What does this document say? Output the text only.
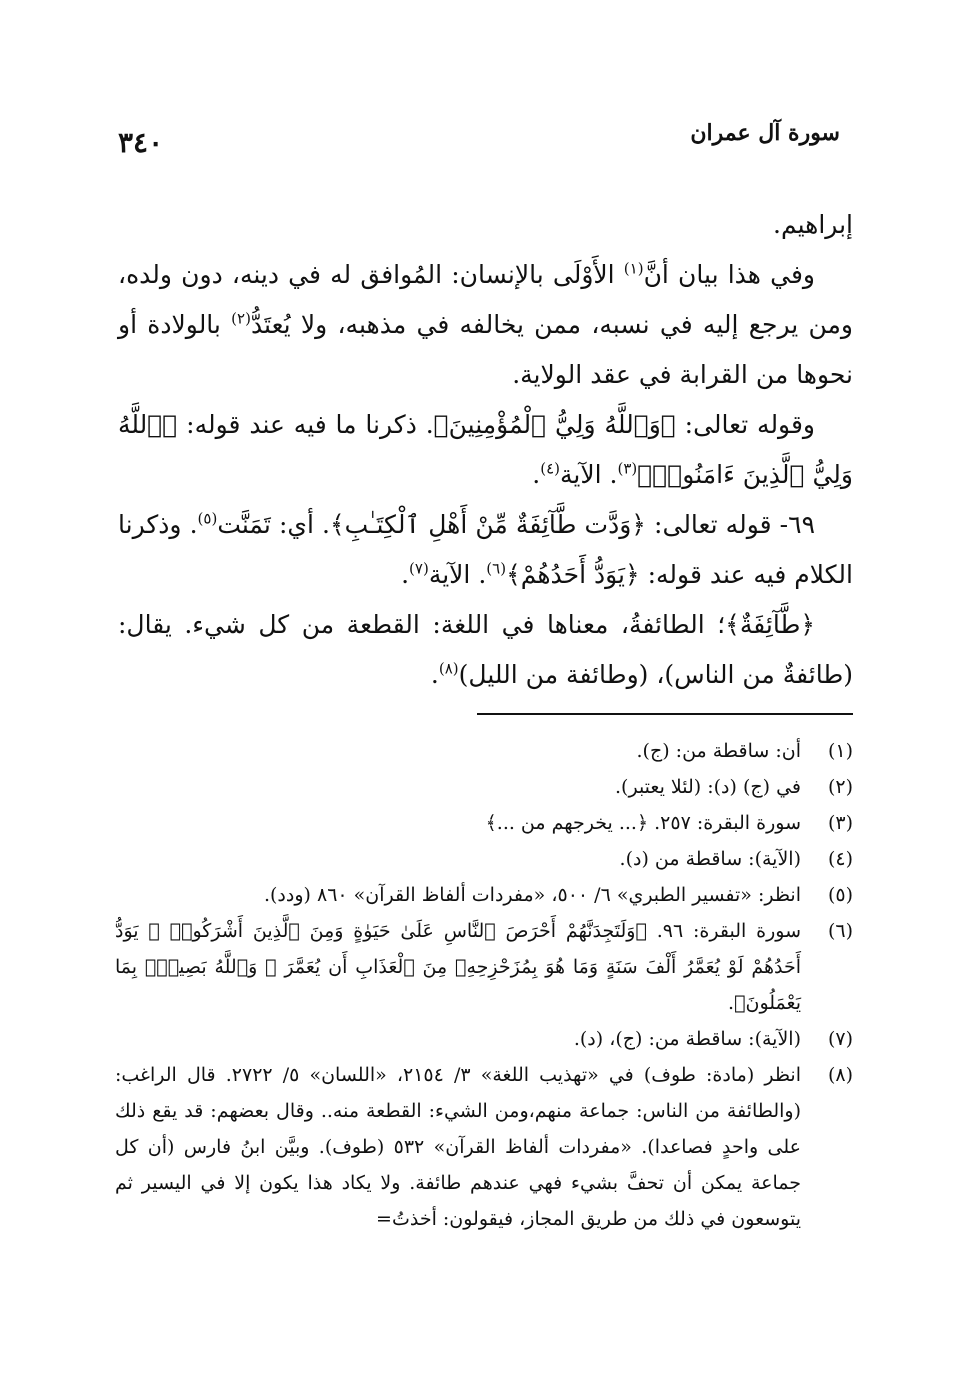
سورة آل عمران
٣٤٠

إبراهيم.

وفي هذا بيان أنَّ$^{(١)}$ الأَوْلَى بالإنسان: المُوافق له في دينه، دون ولده، ومن يرجع إليه في نسبه، ممن يخالفه في مذهبه، ولا يُعتَدُّ$^{(٢)}$ بالولادة أو نحوها من القرابة في عقد الولاية.

وقوله تعالى: ﴿وَٱللَّهُ وَلِيُّ ٱلْمُؤْمِنِينَ﴾. ذكرنا ما فيه عند قوله: ﴿ٱللَّهُ وَلِيُّ ٱلَّذِينَ ءَامَنُوا۟﴾$^{(٣)}$. الآية$^{(٤)}$.

٦٩- قوله تعالى: ﴿وَدَّت طَّآئِفَةٌ مِّنْ أَهْلِ ٱلْكِتَـٰبِ﴾. أي: تَمَنَّت$^{(٥)}$. وذكرنا الكلام فيه عند قوله: ﴿يَوَدُّ أَحَدُهُمْ﴾$^{(٦)}$. الآية$^{(٧)}$.

﴿طَّآئِفَةٌ﴾؛ الطائفةُ، معناها في اللغة: القطعة من كل شيء. يقال: (طائفةٌ من الناس)، (وطائفة من الليل)$^{(٨)}$.

(١)
أن: ساقطة من: (ج).
(٢)
في (ج) (د): (لئلا يعتبر).
(٣)
سورة البقرة: ٢٥٧. ﴿... يخرجهم من ...﴾
(٤)
(الآية): ساقطة من (د).
(٥)
انظر: «تفسير الطبري» ٦/ ٥٠٠، «مفردات ألفاظ القرآن» ٨٦٠ (ودد).
(٦)
سورة البقرة: ٩٦. ﴿وَلَتَجِدَنَّهُمْ أَحْرَصَ ٱلنَّاسِ عَلَىٰ حَيَوٰةٍ وَمِنَ ٱلَّذِينَ أَشْرَكُوا۟ ۚ يَوَدُّ أَحَدُهُمْ لَوْ يُعَمَّرُ أَلْفَ سَنَةٍ وَمَا هُوَ بِمُزَحْزِحِهِۦ مِنَ ٱلْعَذَابِ أَن يُعَمَّرَ ۗ وَٱللَّهُ بَصِيرٌۢ بِمَا يَعْمَلُونَ﴾.
(٧)
(الآية): ساقطة من: (ج)، (د).
(٨)
انظر (مادة: طوف) في «تهذيب اللغة» ٣/ ٢١٥٤، «اللسان» ٥/ ٢٧٢٢. قال الراغب: (والطائفة من الناس: جماعة منهم،ومن الشيء: القطعة منه.. وقال بعضهم: قد يقع ذلك على واحدٍ فصاعدا). «مفردات ألفاظ القرآن» ٥٣٢ (طوف). وبيَّن ابنُ فارس (أن كل جماعة يمكن أن تحفَّ بشيء فهي عندهم طائفة. ولا يكاد هذا يكون إلا في اليسير ثم يتوسعون في ذلك من طريق المجاز، فيقولون: أخذتُ=
